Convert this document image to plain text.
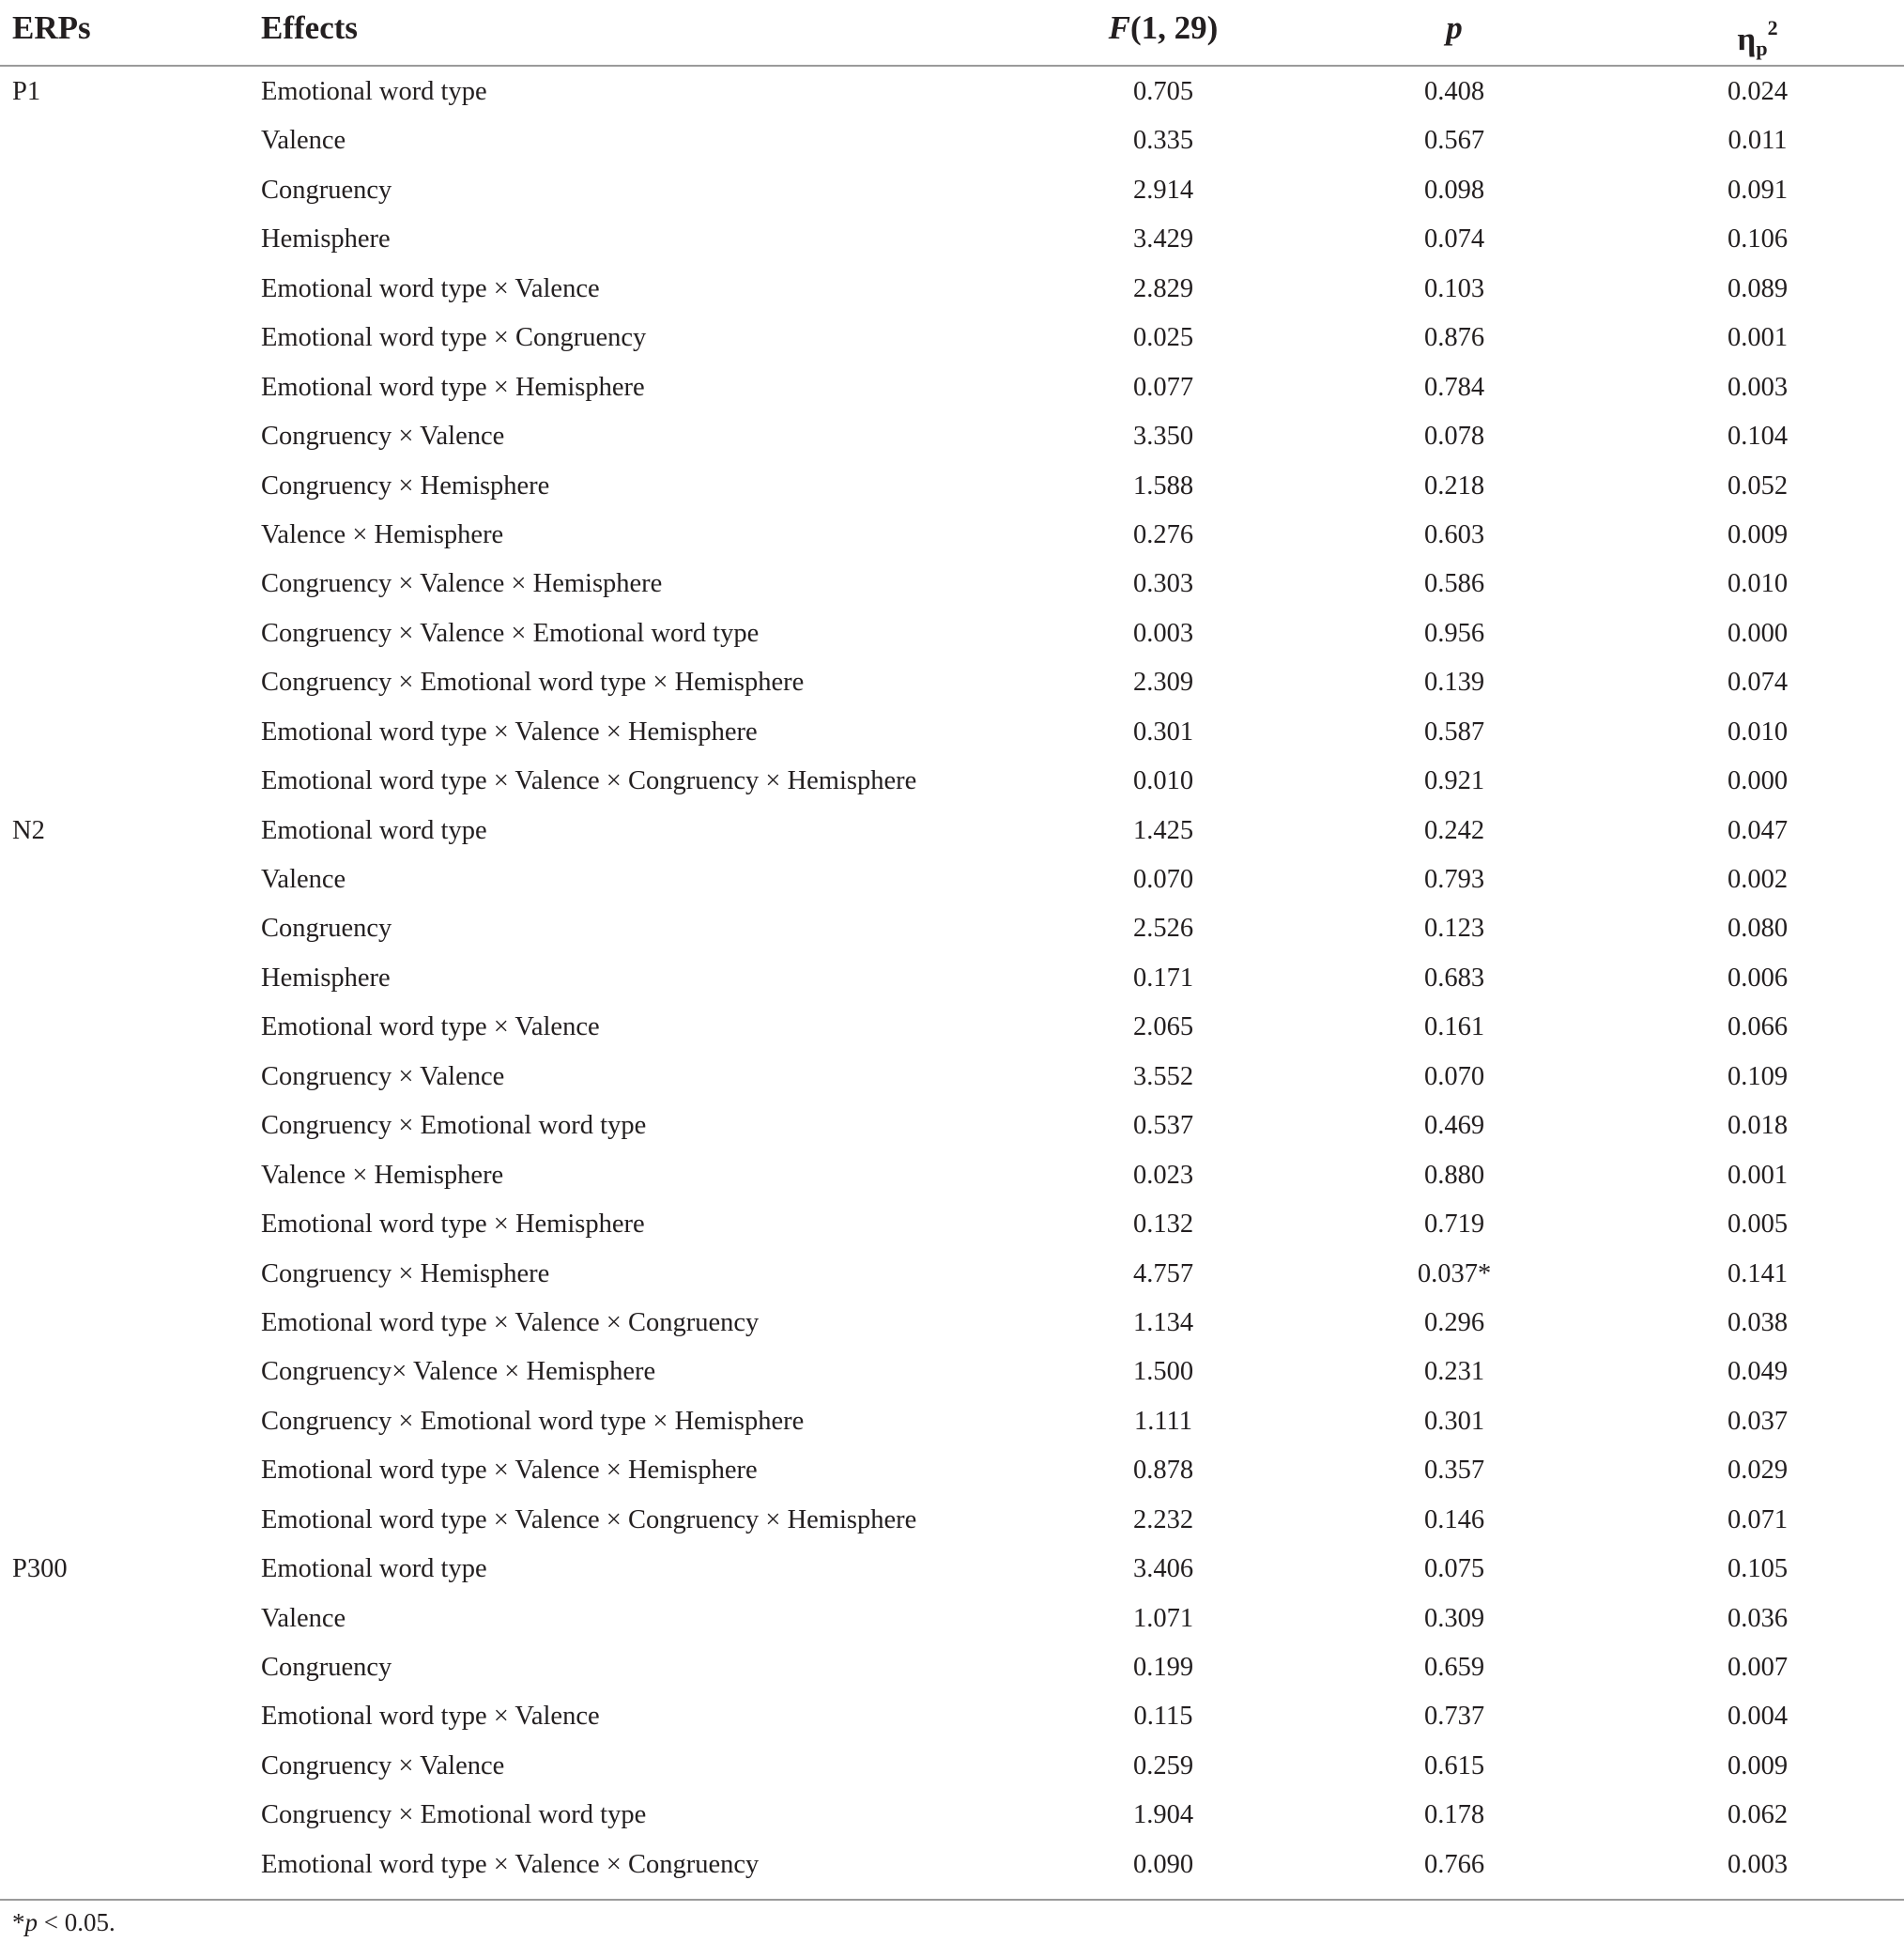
ERPs	Effects	F(1, 29)	p	$\eta p^2$
P1	Emotional word type	0.705	0.408	0.024
Valence	0.335	0.567	0.011
Congruency	2.914	0.098	0.091
Hemisphere	3.429	0.074	0.106
Emotional word type × Valence	2.829	0.103	0.089
Emotional word type × Congruency	0.025	0.876	0.001
Emotional word type × Hemisphere	0.077	0.784	0.003
Congruency × Valence	3.350	0.078	0.104
Congruency × Hemisphere	1.588	0.218	0.052
Valence × Hemisphere	0.276	0.603	0.009
Congruency × Valence × Hemisphere	0.303	0.586	0.010
Congruency × Valence × Emotional word type	0.003	0.956	0.000
Congruency × Emotional word type × Hemisphere	2.309	0.139	0.074
Emotional word type × Valence × Hemisphere	0.301	0.587	0.010
Emotional word type × Valence × Congruency × Hemisphere	0.010	0.921	0.000
N2	Emotional word type	1.425	0.242	0.047
Valence	0.070	0.793	0.002
Congruency	2.526	0.123	0.080
Hemisphere	0.171	0.683	0.006
Emotional word type × Valence	2.065	0.161	0.066
Congruency × Valence	3.552	0.070	0.109
Congruency × Emotional word type	0.537	0.469	0.018
Valence × Hemisphere	0.023	0.880	0.001
Emotional word type × Hemisphere	0.132	0.719	0.005
Congruency × Hemisphere	4.757	0.037*	0.141
Emotional word type × Valence × Congruency	1.134	0.296	0.038
Congruency× Valence × Hemisphere	1.500	0.231	0.049
Congruency × Emotional word type × Hemisphere	1.111	0.301	0.037
Emotional word type × Valence × Hemisphere	0.878	0.357	0.029
Emotional word type × Valence × Congruency × Hemisphere	2.232	0.146	0.071
P300	Emotional word type	3.406	0.075	0.105
Valence	1.071	0.309	0.036
Congruency	0.199	0.659	0.007
Emotional word type × Valence	0.115	0.737	0.004
Congruency × Valence	0.259	0.615	0.009
Congruency × Emotional word type	1.904	0.178	0.062
Emotional word type × Valence × Congruency	0.090	0.766	0.003
*p < 0.05.
